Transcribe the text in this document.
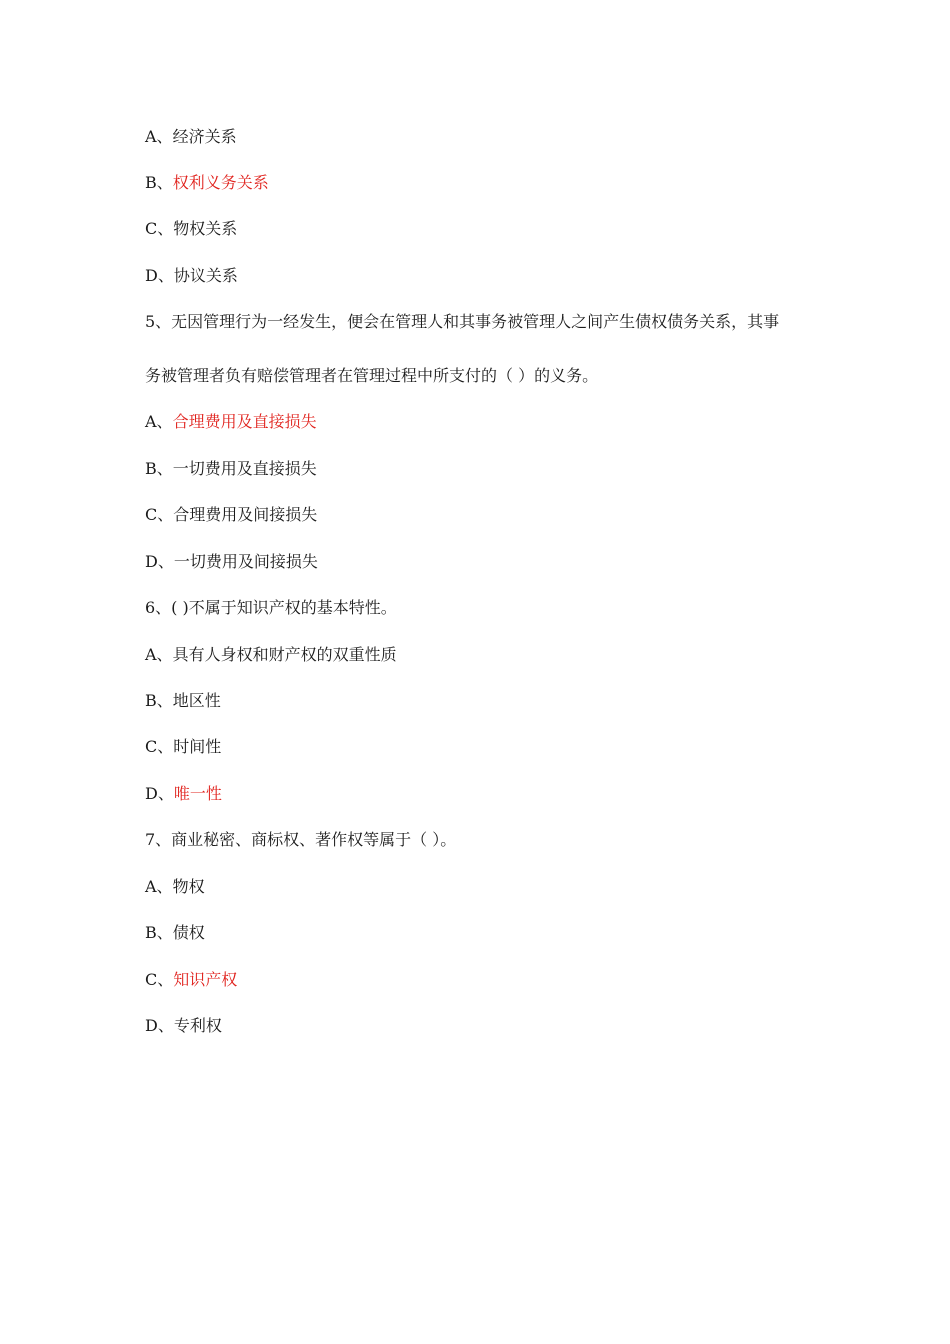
A、经济关系
B、权利义务关系
C、物权关系
D、协议关系
5、无因管理行为一经发生，便会在管理人和其事务被管理人之间产生债权债务关系，其事
务被管理者负有赔偿管理者在管理过程中所支付的（ ）的义务。
A、合理费用及直接损失
B、一切费用及直接损失
C、合理费用及间接损失
D、一切费用及间接损失
6、( )不属于知识产权的基本特性。
A、具有人身权和财产权的双重性质
B、地区性
C、时间性
D、唯一性
7、商业秘密、商标权、著作权等属于（ ）。
A、物权
B、债权
C、知识产权
D、专利权
